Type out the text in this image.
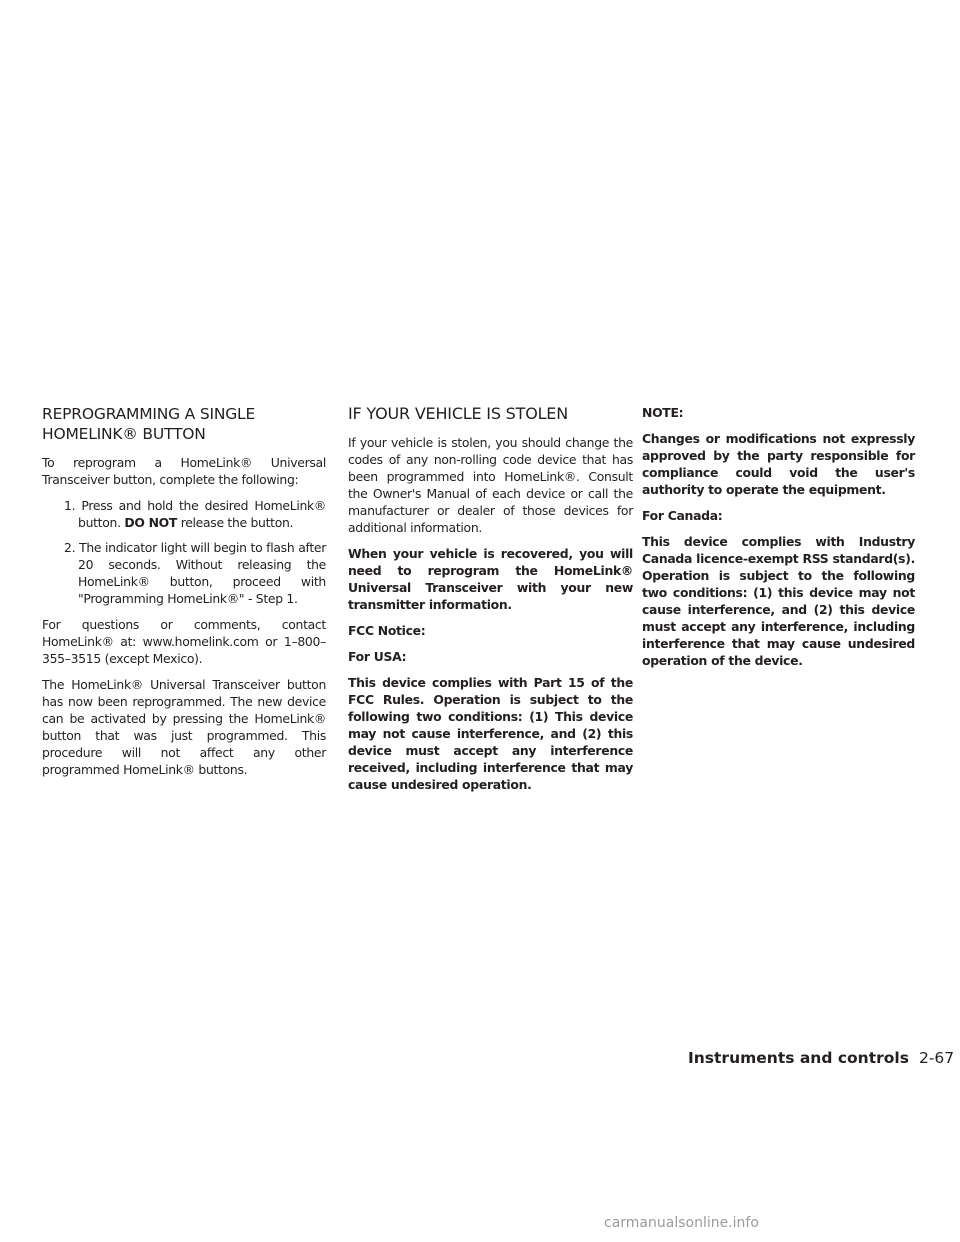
REPROGRAMMING A SINGLE
HOMELINK® BUTTON

To reprogram a HomeLink® Universal Transceiver button, complete the following:

1. Press and hold the desired HomeLink® button. DO NOT release the button.
2. The indicator light will begin to flash after 20 seconds. Without releasing the HomeLink® button, proceed with "Programming HomeLink®" - Step 1.

For questions or comments, contact HomeLink® at: www.homelink.com or 1–800–355–3515 (except Mexico).

The HomeLink® Universal Transceiver button has now been reprogrammed. The new device can be activated by pressing the HomeLink® button that was just programmed. This procedure will not affect any other programmed HomeLink® buttons.

IF YOUR VEHICLE IS STOLEN

If your vehicle is stolen, you should change the codes of any non-rolling code device that has been programmed into HomeLink®. Consult the Owner's Manual of each device or call the manufacturer or dealer of those devices for additional information.

When your vehicle is recovered, you will need to reprogram the HomeLink® Universal Transceiver with your new transmitter information.

FCC Notice:

For USA:

This device complies with Part 15 of the FCC Rules. Operation is subject to the following two conditions: (1) This device may not cause interference, and (2) this device must accept any interference received, including interference that may cause undesired operation.

NOTE:

Changes or modifications not expressly approved by the party responsible for compliance could void the user's authority to operate the equipment.

For Canada:

This device complies with Industry Canada licence-exempt RSS standard(s). Operation is subject to the following two conditions: (1) this device may not cause interference, and (2) this device must accept any interference, including interference that may cause undesired operation of the device.

Instruments and controls 2-67
carmanualsonline.info
